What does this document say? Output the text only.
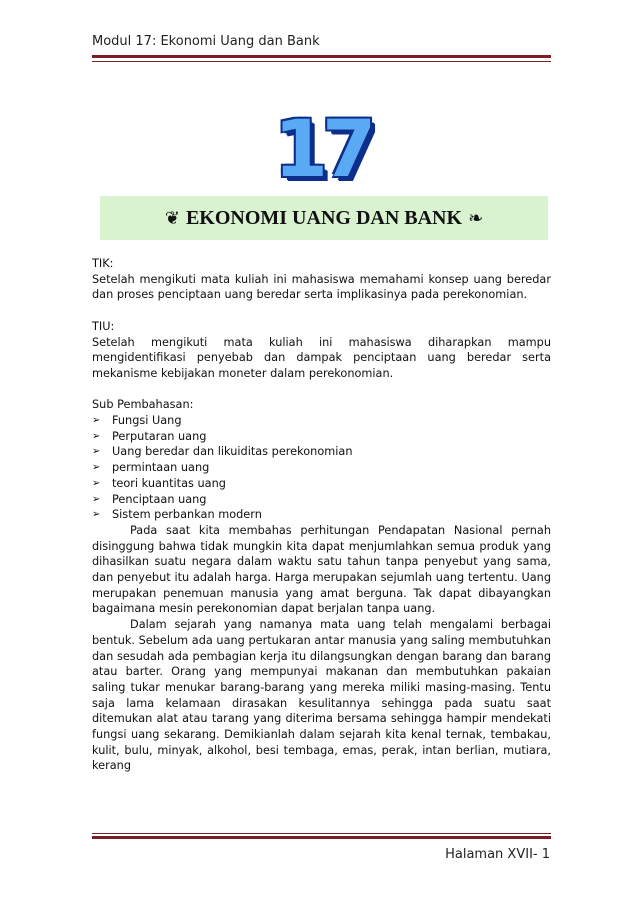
Modul 17: Ekonomi Uang dan Bank
17
❦ EKONOMI UANG DAN BANK ❧

TIK:

Setelah mengikuti mata kuliah ini mahasiswa memahami konsep uang beredar dan proses penciptaan uang beredar serta implikasinya pada perekonomian.

TIU:

Setelah mengikuti mata kuliah ini mahasiswa diharapkan mampu mengidentifikasi penyebab dan dampak penciptaan uang beredar serta mekanisme kebijakan moneter dalam perekonomian.

Sub Pembahasan:

➢	Fungsi Uang
➢	Perputaran uang
➢	Uang beredar dan likuiditas perekonomian
➢	permintaan uang
➢	teori kuantitas uang
➢	Penciptaan uang
➢	Sistem perbankan modern

Pada saat kita membahas perhitungan Pendapatan Nasional pernah disinggung bahwa tidak mungkin kita dapat menjumlahkan semua produk yang dihasilkan suatu negara dalam waktu satu tahun tanpa penyebut yang sama, dan penyebut itu adalah harga. Harga merupakan sejumlah uang tertentu. Uang merupakan penemuan manusia yang amat berguna. Tak dapat dibayangkan bagaimana mesin perekonomian dapat berjalan tanpa uang.

Dalam sejarah yang namanya mata uang telah mengalami berbagai bentuk. Sebelum ada uang pertukaran antar manusia yang saling membutuhkan dan sesudah ada pembagian kerja itu dilangsungkan dengan barang dan barang atau barter. Orang yang mempunyai makanan dan membutuhkan pakaian saling tukar menukar barang-barang yang mereka miliki masing-masing. Tentu saja lama kelamaan dirasakan kesulitannya sehingga pada suatu saat ditemukan alat atau tarang yang diterima bersama sehingga hampir mendekati fungsi uang sekarang. Demikianlah dalam sejarah kita kenal ternak, tembakau, kulit, bulu, minyak, alkohol, besi tembaga, emas, perak, intan berlian, mutiara, kerang

Halaman XVII- 1
